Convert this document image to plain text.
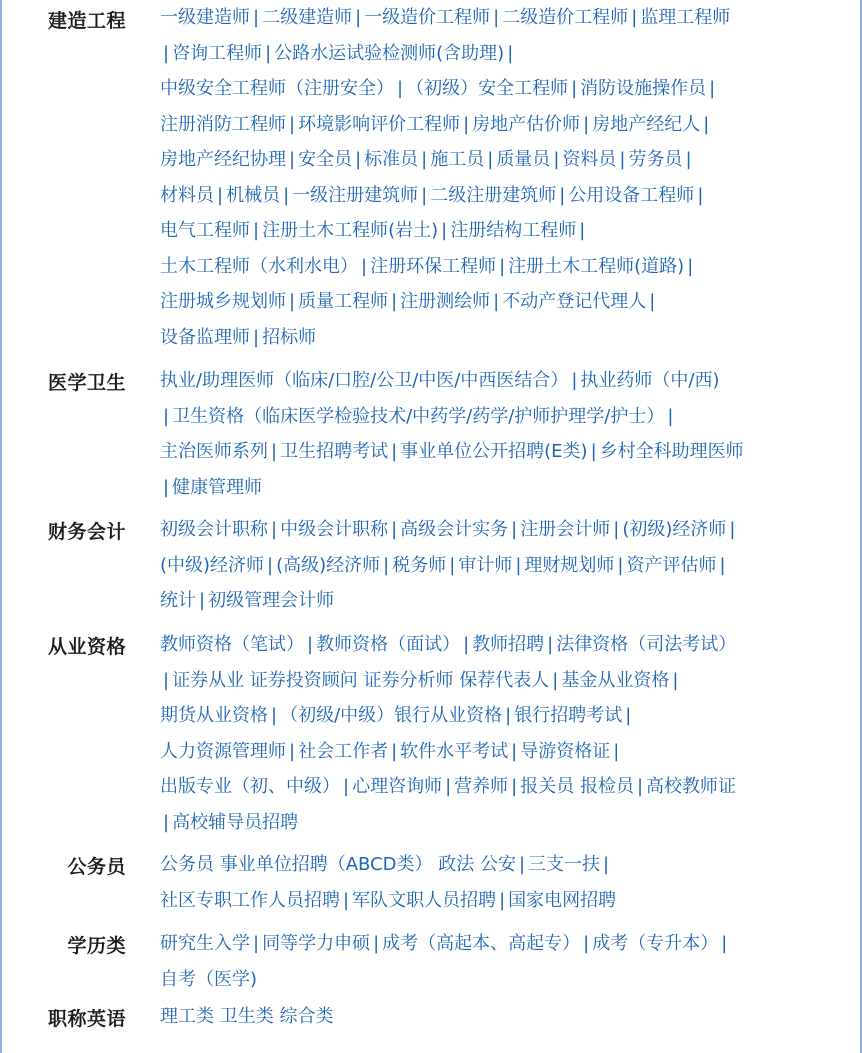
建造工程
医学卫生
财务会计
从业资格
公务员
学历类
职称英语
一级建造师 | 二级建造师 | 一级造价工程师 | 二级造价工程师 | 监理工程师
| 咨询工程师 | 公路水运试验检测师(含助理) |
中级安全工程师（注册安全） | （初级）安全工程师 | 消防设施操作员 |
注册消防工程师 | 环境影响评价工程师 | 房地产估价师 | 房地产经纪人 |
房地产经纪协理 | 安全员 | 标准员 | 施工员 | 质量员 | 资料员 | 劳务员 |
材料员 | 机械员 | 一级注册建筑师 | 二级注册建筑师 | 公用设备工程师 |
电气工程师 | 注册土木工程师(岩土) | 注册结构工程师 |
土木工程师（水利水电） | 注册环保工程师 | 注册土木工程师(道路) |
注册城乡规划师 | 质量工程师 | 注册测绘师 | 不动产登记代理人 |
设备监理师 | 招标师
执业/助理医师（临床/口腔/公卫/中医/中西医结合） | 执业药师（中/西)
| 卫生资格（临床医学检验技术/中药学/药学/护师护理学/护士） |
主治医师系列 | 卫生招聘考试 | 事业单位公开招聘(E类) | 乡村全科助理医师
| 健康管理师
初级会计职称 | 中级会计职称 | 高级会计实务 | 注册会计师 | (初级)经济师 |
(中级)经济师 | (高级)经济师 | 税务师 | 审计师 | 理财规划师 | 资产评估师 |
统计 | 初级管理会计师
教师资格（笔试） | 教师资格（面试） | 教师招聘 | 法律资格（司法考试）
| 证券从业 证券投资顾问 证券分析师 保荐代表人 | 基金从业资格 |
期货从业资格 | （初级/中级）银行从业资格 | 银行招聘考试 |
人力资源管理师 | 社会工作者 | 软件水平考试 | 导游资格证 |
出版专业（初、中级） | 心理咨询师 | 营养师 | 报关员 报检员 | 高校教师证
| 高校辅导员招聘
公务员 事业单位招聘（ABCD类） 政法 公安 | 三支一扶 |
社区专职工作人员招聘 | 军队文职人员招聘 | 国家电网招聘
研究生入学 | 同等学力申硕 | 成考（高起本、高起专） | 成考（专升本） |
自考（医学)
理工类 卫生类 综合类
